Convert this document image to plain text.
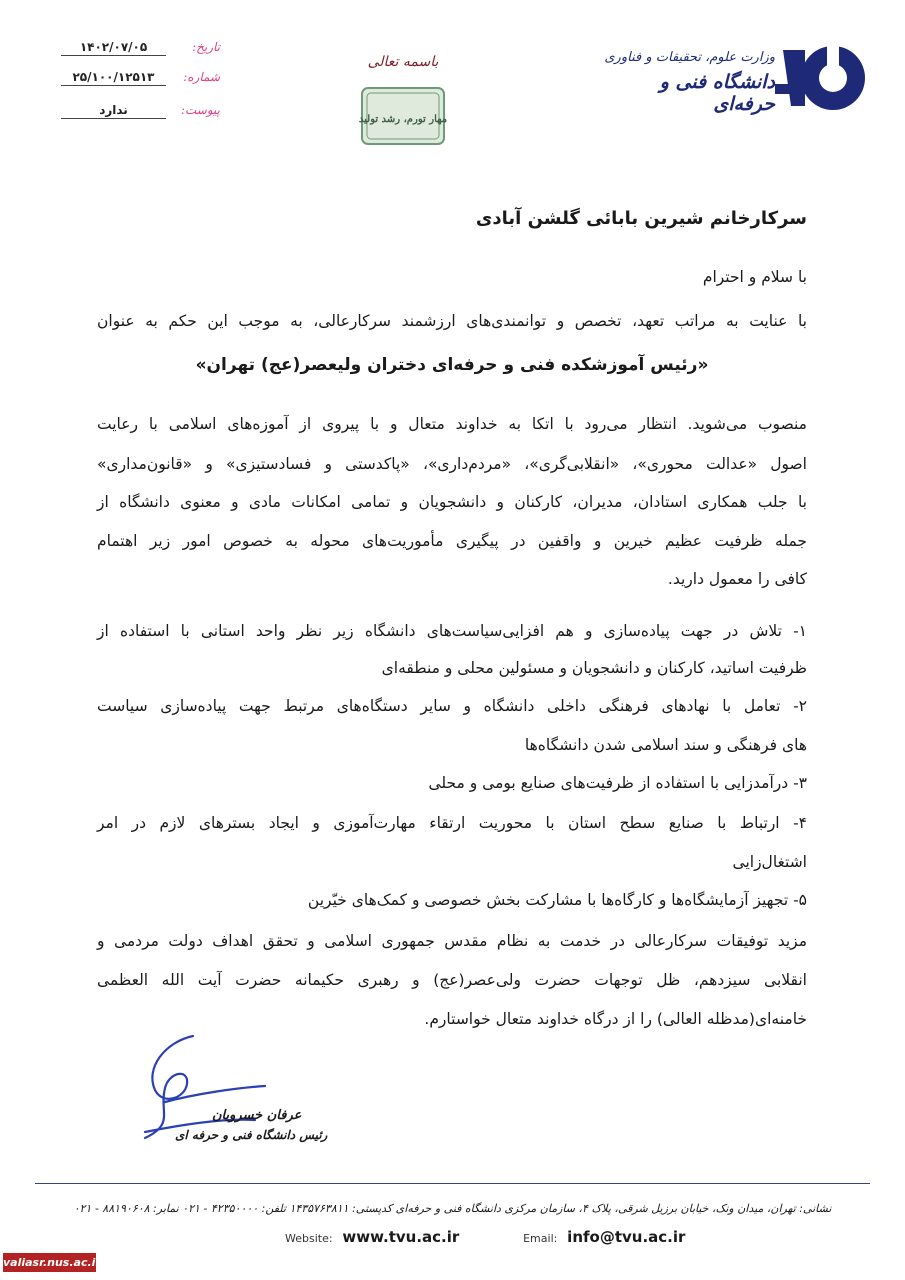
وزارت علوم، تحقیقات و فناوری
دانشگاه فنی و حرفه‌ای
باسمه تعالی
مهار تورم، رشد تولید
تاریخ:
۱۴۰۲/۰۷/۰۵
شماره:
۲۵/۱۰۰/۱۲۵۱۳
پیوست:
ندارد
سرکارخانم شیرین بابائی گلشن آبادی
با سلام و احترام
با عنایت به مراتب تعهد، تخصص و توانمندی‌های ارزشمند سرکارعالی، به موجب این حکم به عنوان
«رئیس آموزشکده فنی و حرفه‌ای دختران ولیعصر(عج) تهران»
منصوب می‌شوید. انتظار می‌رود با اتکا به خداوند متعال و با پیروی از آموزه‌های اسلامی با رعایت
اصول «عدالت محوری»، «انقلابی‌گری»، «مردم‌داری»، «پاکدستی و فسادستیزی» و «قانون‌مداری»
با جلب همکاری استادان، مدیران، کارکنان و دانشجویان و تمامی امکانات مادی و معنوی دانشگاه از
جمله ظرفیت عظیم خیرین و واقفین در پیگیری مأموریت‌های محوله به خصوص امور زیر اهتمام
کافی را معمول دارید.
۱- تلاش در جهت پیاده‌سازی و هم افزایی‌سیاست‌های دانشگاه زیر نظر واحد استانی با استفاده از
ظرفیت اساتید، کارکنان و دانشجویان و مسئولین محلی و منطقه‌ای
۲- تعامل با نهادهای فرهنگی داخلی دانشگاه و سایر دستگاه‌های مرتبط جهت پیاده‌سازی سیاست
های فرهنگی و سند اسلامی شدن دانشگاه‌ها
۳- درآمدزایی با استفاده از ظرفیت‌های صنایع بومی و محلی
۴- ارتباط با صنایع سطح استان با محوریت ارتقاء مهارت‌آموزی و ایجاد بسترهای لازم در امر
اشتغال‌زایی
۵- تجهیز آزمایشگاه‌ها و کارگاه‌ها با مشارکت بخش خصوصی و کمک‌های خیّرین
مزید توفیقات سرکارعالی در خدمت به نظام مقدس جمهوری اسلامی و تحقق اهداف دولت مردمی و
انقلابی سیزدهم، ظل توجهات حضرت ولی‌عصر(عج) و رهبری حکیمانه حضرت آیت الله العظمی
خامنه‌ای(مدظله العالی) را از درگاه خداوند متعال خواستارم.
عرفان خسرویان
رئیس دانشگاه فنی و حرفه ای
نشانی: تهران، میدان ونک، خیابان برزیل شرقی، پلاک ۴، سازمان مرکزی دانشگاه فنی و حرفه‌ای کدپستی: ۱۴۳۵۷۶۳۸۱۱ تلفن: ۴۲۳۵۰۰۰۰ - ۰۲۱ نمابر: ۸۸۱۹۰۶۰۸ - ۰۲۱
Website: www.tvu.ac.ir	Email: info@tvu.ac.ir
valiasr.nus.ac.ir
